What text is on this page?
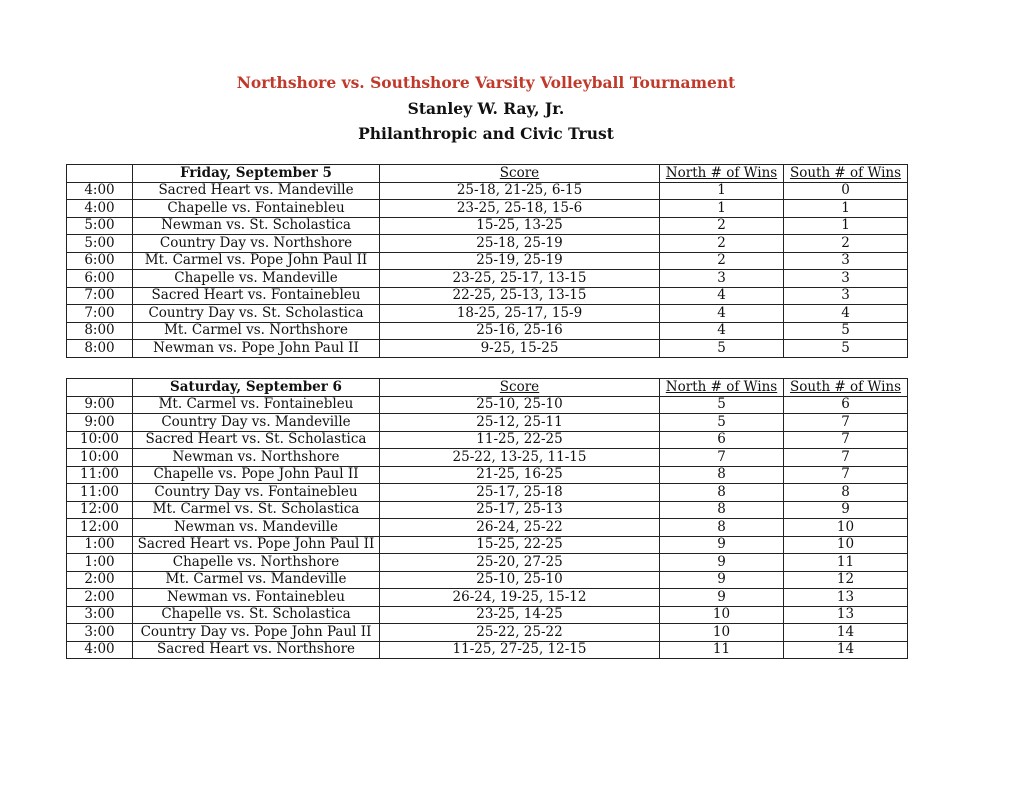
Northshore vs. Southshore Varsity Volleyball Tournament
Stanley W. Ray, Jr.
Philanthropic and Civic Trust
	Friday, September 5	Score	North # of Wins	South # of Wins
4:00	Sacred Heart vs. Mandeville	25-18, 21-25, 6-15	1	0
4:00	Chapelle vs. Fontainebleu	23-25, 25-18, 15-6	1	1
5:00	Newman vs. St. Scholastica	15-25, 13-25	2	1
5:00	Country Day vs. Northshore	25-18, 25-19	2	2
6:00	Mt. Carmel vs. Pope John Paul II	25-19, 25-19	2	3
6:00	Chapelle vs. Mandeville	23-25, 25-17, 13-15	3	3
7:00	Sacred Heart vs. Fontainebleu	22-25, 25-13, 13-15	4	3
7:00	Country Day vs. St. Scholastica	18-25, 25-17, 15-9	4	4
8:00	Mt. Carmel vs. Northshore	25-16, 25-16	4	5
8:00	Newman vs. Pope John Paul II	9-25, 15-25	5	5
	Saturday, September 6	Score	North # of Wins	South # of Wins
9:00	Mt. Carmel vs. Fontainebleu	25-10, 25-10	5	6
9:00	Country Day vs. Mandeville	25-12, 25-11	5	7
10:00	Sacred Heart vs. St. Scholastica	11-25, 22-25	6	7
10:00	Newman vs. Northshore	25-22, 13-25, 11-15	7	7
11:00	Chapelle vs. Pope John Paul II	21-25, 16-25	8	7
11:00	Country Day vs. Fontainebleu	25-17, 25-18	8	8
12:00	Mt. Carmel vs. St. Scholastica	25-17, 25-13	8	9
12:00	Newman vs. Mandeville	26-24, 25-22	8	10
1:00	Sacred Heart vs. Pope John Paul II	15-25, 22-25	9	10
1:00	Chapelle vs. Northshore	25-20, 27-25	9	11
2:00	Mt. Carmel vs. Mandeville	25-10, 25-10	9	12
2:00	Newman vs. Fontainebleu	26-24, 19-25, 15-12	9	13
3:00	Chapelle vs. St. Scholastica	23-25, 14-25	10	13
3:00	Country Day vs. Pope John Paul II	25-22, 25-22	10	14
4:00	Sacred Heart vs. Northshore	11-25, 27-25, 12-15	11	14
